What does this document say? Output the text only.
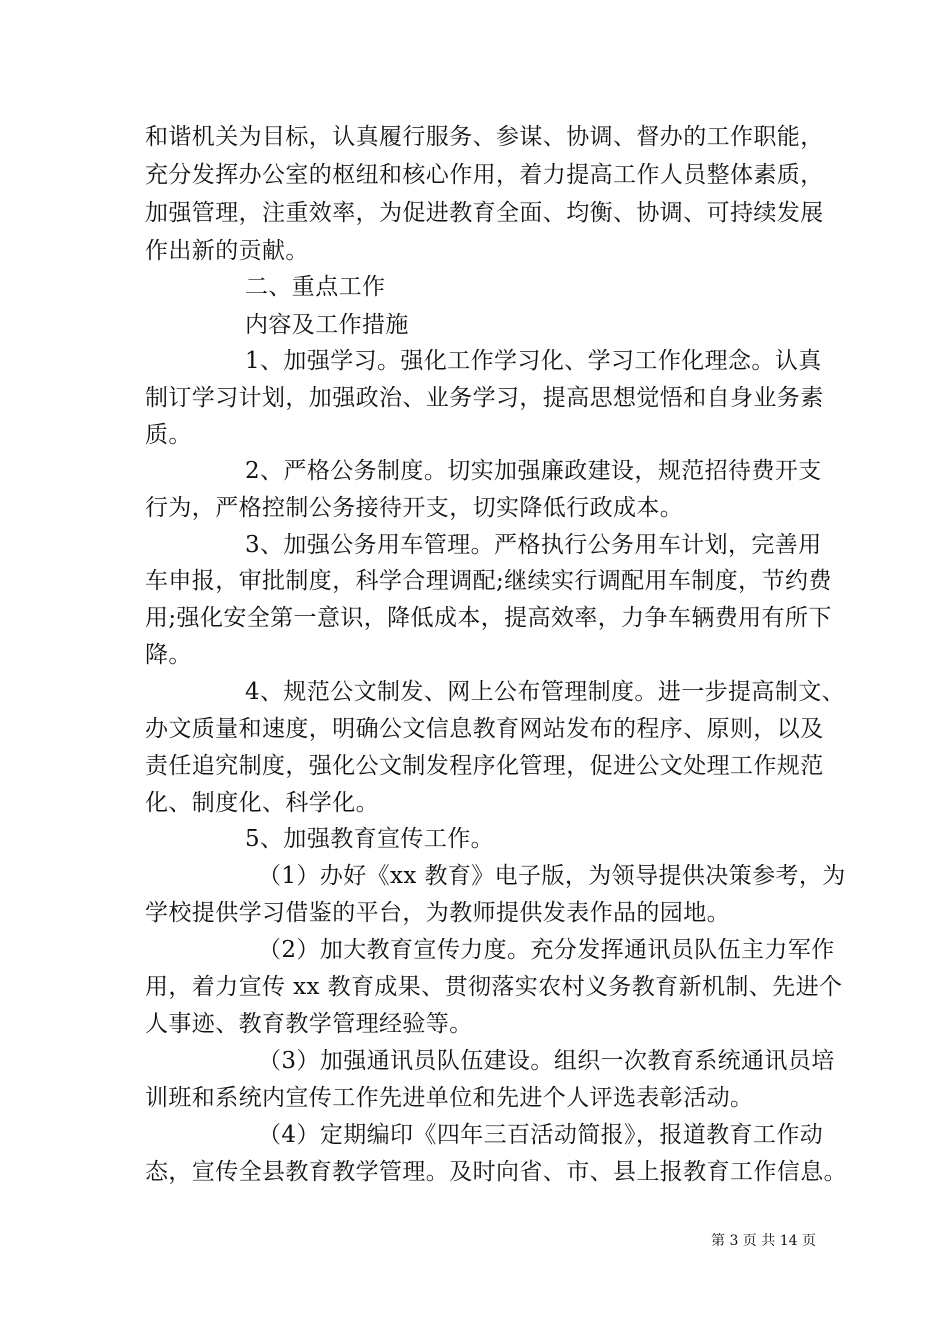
和谐机关为目标，认真履行服务、参谋、协调、督办的工作职能，
充分发挥办公室的枢纽和核心作用，着力提高工作人员整体素质，
加强管理，注重效率，为促进教育全面、均衡、协调、可持续发展
作出新的贡献。
二、重点工作
内容及工作措施
1、加强学习。强化工作学习化、学习工作化理念。认真
制订学习计划，加强政治、业务学习，提高思想觉悟和自身业务素
质。
2、严格公务制度。切实加强廉政建设，规范招待费开支
行为，严格控制公务接待开支，切实降低行政成本。
3、加强公务用车管理。严格执行公务用车计划，完善用
车申报，审批制度，科学合理调配;继续实行调配用车制度，节约费
用;强化安全第一意识，降低成本，提高效率，力争车辆费用有所下
降。
4、规范公文制发、网上公布管理制度。进一步提高制文、
办文质量和速度，明确公文信息教育网站发布的程序、原则，以及
责任追究制度，强化公文制发程序化管理，促进公文处理工作规范
化、制度化、科学化。
5、加强教育宣传工作。
（1）办好《xx 教育》电子版，为领导提供决策参考，为
学校提供学习借鉴的平台，为教师提供发表作品的园地。
（2）加大教育宣传力度。充分发挥通讯员队伍主力军作
用，着力宣传 xx 教育成果、贯彻落实农村义务教育新机制、先进个
人事迹、教育教学管理经验等。
（3）加强通讯员队伍建设。组织一次教育系统通讯员培
训班和系统内宣传工作先进单位和先进个人评选表彰活动。
（4）定期编印《四年三百活动简报》，报道教育工作动
态，宣传全县教育教学管理。及时向省、市、县上报教育工作信息。
第 3 页 共 14 页
